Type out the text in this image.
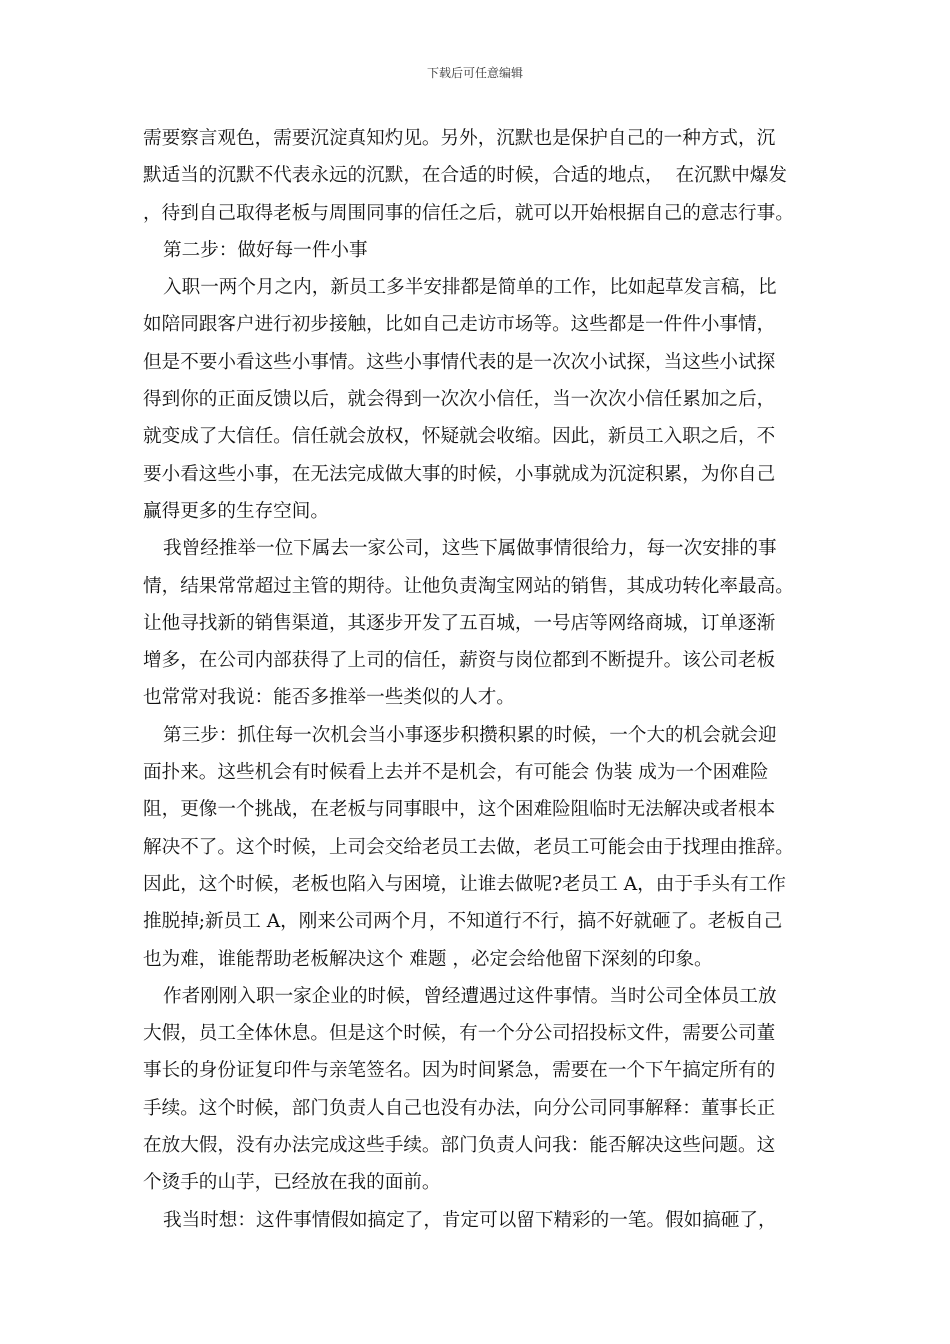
下载后可任意编辑
需要察言观色，需要沉淀真知灼见。另外，沉默也是保护自己的一种方式，沉
默适当的沉默不代表永远的沉默，在合适的时候，合适的地点，  在沉默中爆发
，待到自己取得老板与周围同事的信任之后，就可以开始根据自己的意志行事。
第二步：做好每一件小事
入职一两个月之内，新员工多半安排都是简单的工作，比如起草发言稿，比
如陪同跟客户进行初步接触，比如自己走访市场等。这些都是一件件小事情，
但是不要小看这些小事情。这些小事情代表的是一次次小试探，当这些小试探
得到你的正面反馈以后，就会得到一次次小信任，当一次次小信任累加之后，
就变成了大信任。信任就会放权，怀疑就会收缩。因此，新员工入职之后，不
要小看这些小事，在无法完成做大事的时候，小事就成为沉淀积累，为你自己
赢得更多的生存空间。
我曾经推举一位下属去一家公司，这些下属做事情很给力，每一次安排的事
情，结果常常超过主管的期待。让他负责淘宝网站的销售，其成功转化率最高。
让他寻找新的销售渠道，其逐步开发了五百城，一号店等网络商城，订单逐渐
增多，在公司内部获得了上司的信任，薪资与岗位都到不断提升。该公司老板
也常常对我说：能否多推举一些类似的人才。
第三步：抓住每一次机会当小事逐步积攒积累的时候，一个大的机会就会迎
面扑来。这些机会有时候看上去并不是机会，有可能会 伪装 成为一个困难险
阻，更像一个挑战，在老板与同事眼中，这个困难险阻临时无法解决或者根本
解决不了。这个时候，上司会交给老员工去做，老员工可能会由于找理由推辞。
因此，这个时候，老板也陷入与困境，让谁去做呢?老员工 A，由于手头有工作
推脱掉;新员工 A，刚来公司两个月，不知道行不行，搞不好就砸了。老板自己
也为难，谁能帮助老板解决这个 难题 ，必定会给他留下深刻的印象。
作者刚刚入职一家企业的时候，曾经遭遇过这件事情。当时公司全体员工放
大假，员工全体休息。但是这个时候，有一个分公司招投标文件，需要公司董
事长的身份证复印件与亲笔签名。因为时间紧急，需要在一个下午搞定所有的
手续。这个时候，部门负责人自己也没有办法，向分公司同事解释：董事长正
在放大假，没有办法完成这些手续。部门负责人问我：能否解决这些问题。这
个烫手的山芋，已经放在我的面前。
我当时想：这件事情假如搞定了，肯定可以留下精彩的一笔。假如搞砸了，
